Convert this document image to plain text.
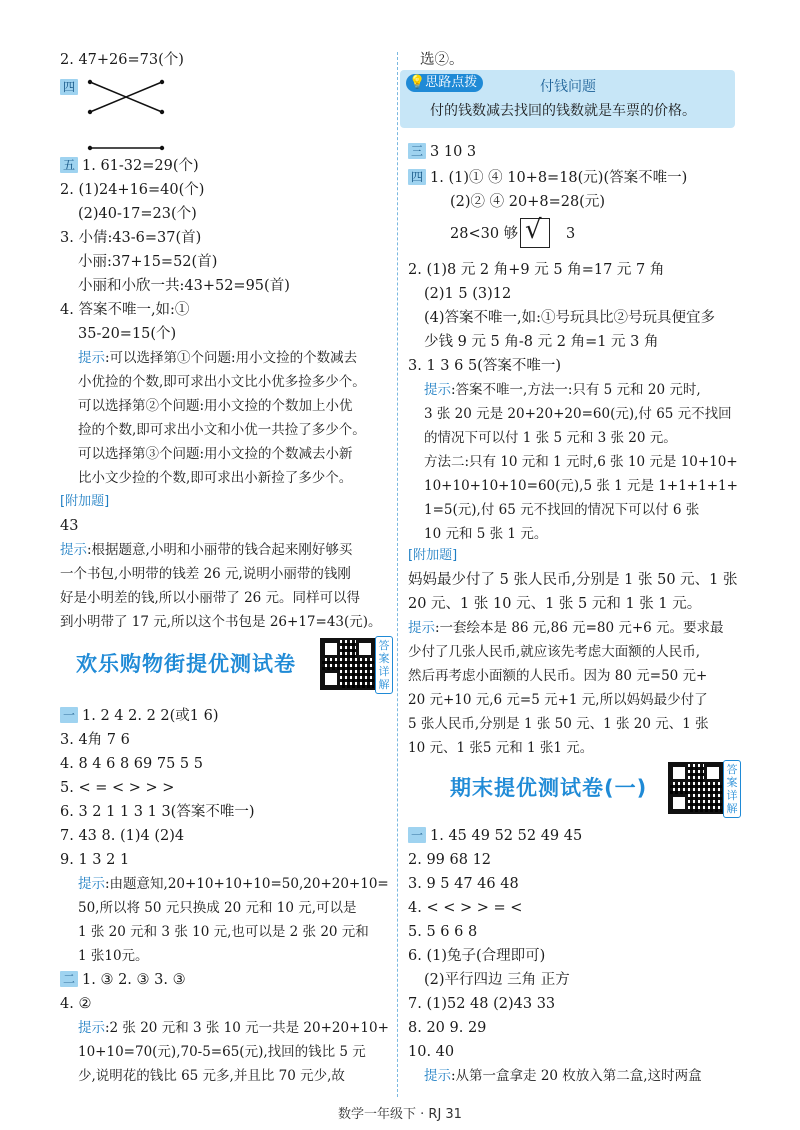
2. 47+26=73(个)
四
五 1. 61-32=29(个)
2. (1)24+16=40(个)
(2)40-17=23(个)
3. 小倩:43-6=37(首)
小丽:37+15=52(首)
小丽和小欣一共:43+52=95(首)
4. 答案不唯一,如:①
35-20=15(个)
提示:可以选择第①个问题:用小文捡的个数减去
小优捡的个数,即可求出小文比小优多捡多少个。
可以选择第②个问题:用小文捡的个数加上小优
捡的个数,即可求出小文和小优一共捡了多少个。
可以选择第③个问题:用小文捡的个数减去小新
比小文少捡的个数,即可求出小新捡了多少个。
[附加题]
43
提示:根据题意,小明和小丽带的钱合起来刚好够买
一个书包,小明带的钱差 26 元,说明小丽带的钱刚
好是小明差的钱,所以小丽带了 26 元。同样可以得
到小明带了 17 元,所以这个书包是 26+17=43(元)。
欢乐购物街提优测试卷
答案详解
一 1. 2 4 2. 2 2(或1 6)
3. 4角 7 6
4. 8 4 6 8 69 75 5 5
5. < = < > > >
6. 3 2 1 1 3 1 3(答案不唯一)
7. 43 8. (1)4 (2)4
9. 1 3 2 1
提示:由题意知,20+10+10+10=50,20+20+10=
50,所以将 50 元只换成 20 元和 10 元,可以是
1 张 20 元和 3 张 10 元,也可以是 2 张 20 元和
1 张10元。
二 1. ③ 2. ③ 3. ③
4. ②
提示:2 张 20 元和 3 张 10 元一共是 20+20+10+
10+10=70(元),70-5=65(元),找回的钱比 5 元
少,说明花的钱比 65 元多,并且比 70 元少,故
选②。
💡思路点拨	付钱问题
付的钱数减去找回的钱数就是车票的价格。
三 3 10 3
四 1. (1)① ④ 10+8=18(元)(答案不唯一)
(2)② ④ 20+8=28(元)
28<30 够 √ 3
2. (1)8 元 2 角+9 元 5 角=17 元 7 角
(2)1 5 (3)12
(4)答案不唯一,如:①号玩具比②号玩具便宜多
少钱 9 元 5 角-8 元 2 角=1 元 3 角
3. 1 3 6 5(答案不唯一)
提示:答案不唯一,方法一:只有 5 元和 20 元时,
3 张 20 元是 20+20+20=60(元),付 65 元不找回
的情况下可以付 1 张 5 元和 3 张 20 元。
方法二:只有 10 元和 1 元时,6 张 10 元是 10+10+
10+10+10+10=60(元),5 张 1 元是 1+1+1+1+
1=5(元),付 65 元不找回的情况下可以付 6 张
10 元和 5 张 1 元。
[附加题]
妈妈最少付了 5 张人民币,分别是 1 张 50 元、1 张
20 元、1 张 10 元、1 张 5 元和 1 张 1 元。
提示:一套绘本是 86 元,86 元=80 元+6 元。要求最
少付了几张人民币,就应该先考虑大面额的人民币,
然后再考虑小面额的人民币。因为 80 元=50 元+
20 元+10 元,6 元=5 元+1 元,所以妈妈最少付了
5 张人民币,分别是 1 张 50 元、1 张 20 元、1 张
10 元、1 张5 元和 1 张1 元。
期末提优测试卷(一)
答案详解
一 1. 45 49 52 52 49 45
2. 99 68 12
3. 9 5 47 46 48
4. < < > > = <
5. 5 6 6 8
6. (1)兔子(合理即可)
(2)平行四边 三角 正方
7. (1)52 48 (2)43 33
8. 20 9. 29
10. 40
提示:从第一盒拿走 20 枚放入第二盒,这时两盒
数学一年级下 · RJ 31
